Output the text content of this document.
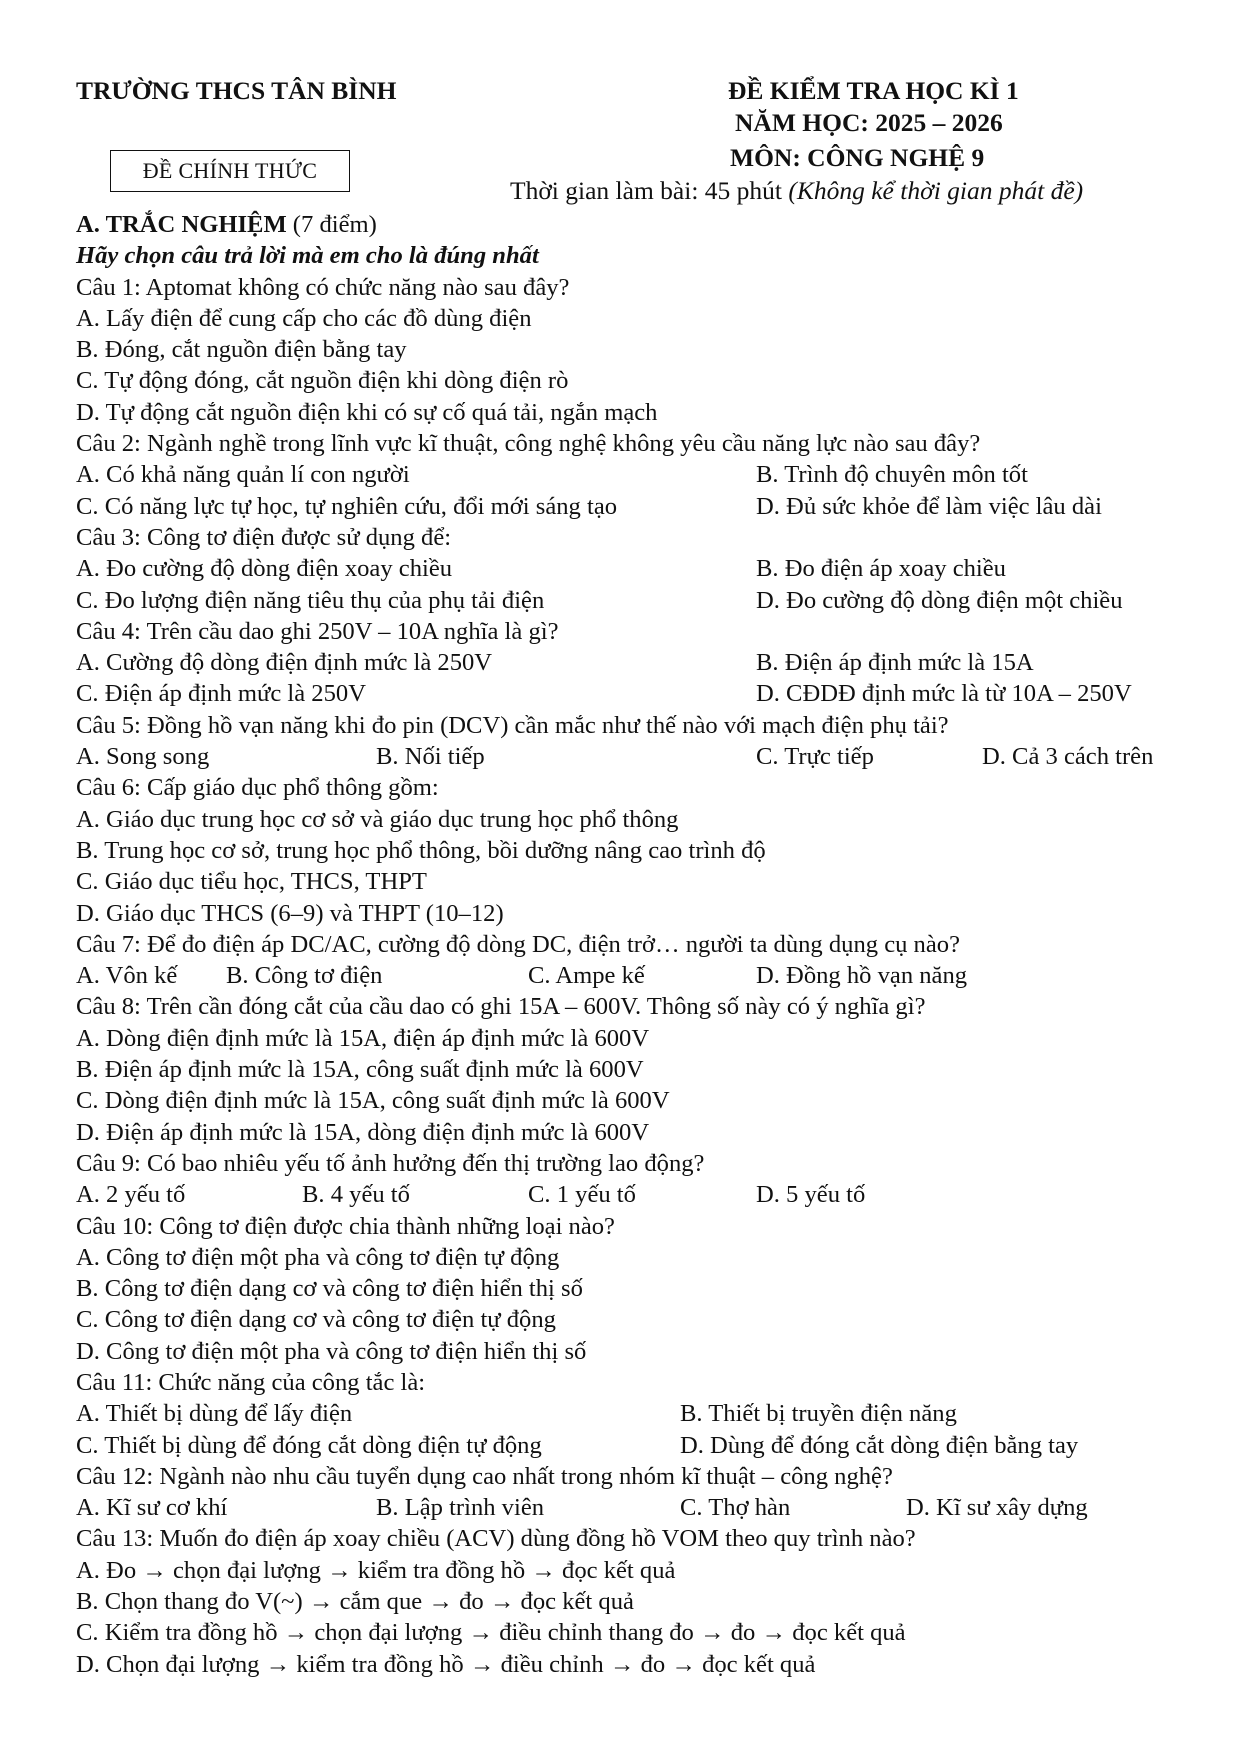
TRƯỜNG THCS TÂN BÌNH	ĐỀ KIỂM TRA HỌC KÌ 1
NĂM HỌC: 2025 – 2026
MÔN: CÔNG NGHỆ 9
Thời gian làm bài: 45 phút (Không kể thời gian phát đề)
ĐỀ CHÍNH THỨC
A. TRẮC NGHIỆM (7 điểm)
Hãy chọn câu trả lời mà em cho là đúng nhất
Câu 1: Aptomat không có chức năng nào sau đây?
A. Lấy điện để cung cấp cho các đồ dùng điện
B. Đóng, cắt nguồn điện bằng tay
C. Tự động đóng, cắt nguồn điện khi dòng điện rò
D. Tự động cắt nguồn điện khi có sự cố quá tải, ngắn mạch
Câu 2: Ngành nghề trong lĩnh vực kĩ thuật, công nghệ không yêu cầu năng lực nào sau đây?
A. Có khả năng quản lí con người	B. Trình độ chuyên môn tốt
C. Có năng lực tự học, tự nghiên cứu, đổi mới sáng tạo	D. Đủ sức khỏe để làm việc lâu dài
Câu 3: Công tơ điện được sử dụng để:
A. Đo cường độ dòng điện xoay chiều	B. Đo điện áp xoay chiều
C. Đo lượng điện năng tiêu thụ của phụ tải điện	D. Đo cường độ dòng điện một chiều
Câu 4: Trên cầu dao ghi 250V – 10A nghĩa là gì?
A. Cường độ dòng điện định mức là 250V	B. Điện áp định mức là 15A
C. Điện áp định mức là 250V	D. CĐDĐ định mức là từ 10A – 250V
Câu 5: Đồng hồ vạn năng khi đo pin (DCV) cần mắc như thế nào với mạch điện phụ tải?
A. Song song	B. Nối tiếp	C. Trực tiếp	D. Cả 3 cách trên
Câu 6: Cấp giáo dục phổ thông gồm:
A. Giáo dục trung học cơ sở và giáo dục trung học phổ thông
B. Trung học cơ sở, trung học phổ thông, bồi dưỡng nâng cao trình độ
C. Giáo dục tiểu học, THCS, THPT
D. Giáo dục THCS (6–9) và THPT (10–12)
Câu 7: Để đo điện áp DC/AC, cường độ dòng DC, điện trở… người ta dùng dụng cụ nào?
A. Vôn kế B. Công tơ điện	C. Ampe kế	D. Đồng hồ vạn năng
Câu 8: Trên cần đóng cắt của cầu dao có ghi 15A – 600V. Thông số này có ý nghĩa gì?
A. Dòng điện định mức là 15A, điện áp định mức là 600V
B. Điện áp định mức là 15A, công suất định mức là 600V
C. Dòng điện định mức là 15A, công suất định mức là 600V
D. Điện áp định mức là 15A, dòng điện định mức là 600V
Câu 9: Có bao nhiêu yếu tố ảnh hưởng đến thị trường lao động?
A. 2 yếu tố	B. 4 yếu tố	C. 1 yếu tố	D. 5 yếu tố
Câu 10: Công tơ điện được chia thành những loại nào?
A. Công tơ điện một pha và công tơ điện tự động
B. Công tơ điện dạng cơ và công tơ điện hiển thị số
C. Công tơ điện dạng cơ và công tơ điện tự động
D. Công tơ điện một pha và công tơ điện hiển thị số
Câu 11: Chức năng của công tắc là:
A. Thiết bị dùng để lấy điện	B. Thiết bị truyền điện năng
C. Thiết bị dùng để đóng cắt dòng điện tự động	D. Dùng để đóng cắt dòng điện bằng tay
Câu 12: Ngành nào nhu cầu tuyển dụng cao nhất trong nhóm kĩ thuật – công nghệ?
A. Kĩ sư cơ khí	B. Lập trình viên	C. Thợ hàn	D. Kĩ sư xây dựng
Câu 13: Muốn đo điện áp xoay chiều (ACV) dùng đồng hồ VOM theo quy trình nào?
A. Đo → chọn đại lượng → kiểm tra đồng hồ → đọc kết quả
B. Chọn thang đo V(~) → cắm que → đo → đọc kết quả
C. Kiểm tra đồng hồ → chọn đại lượng → điều chỉnh thang đo → đo → đọc kết quả
D. Chọn đại lượng → kiểm tra đồng hồ → điều chỉnh → đo → đọc kết quả
